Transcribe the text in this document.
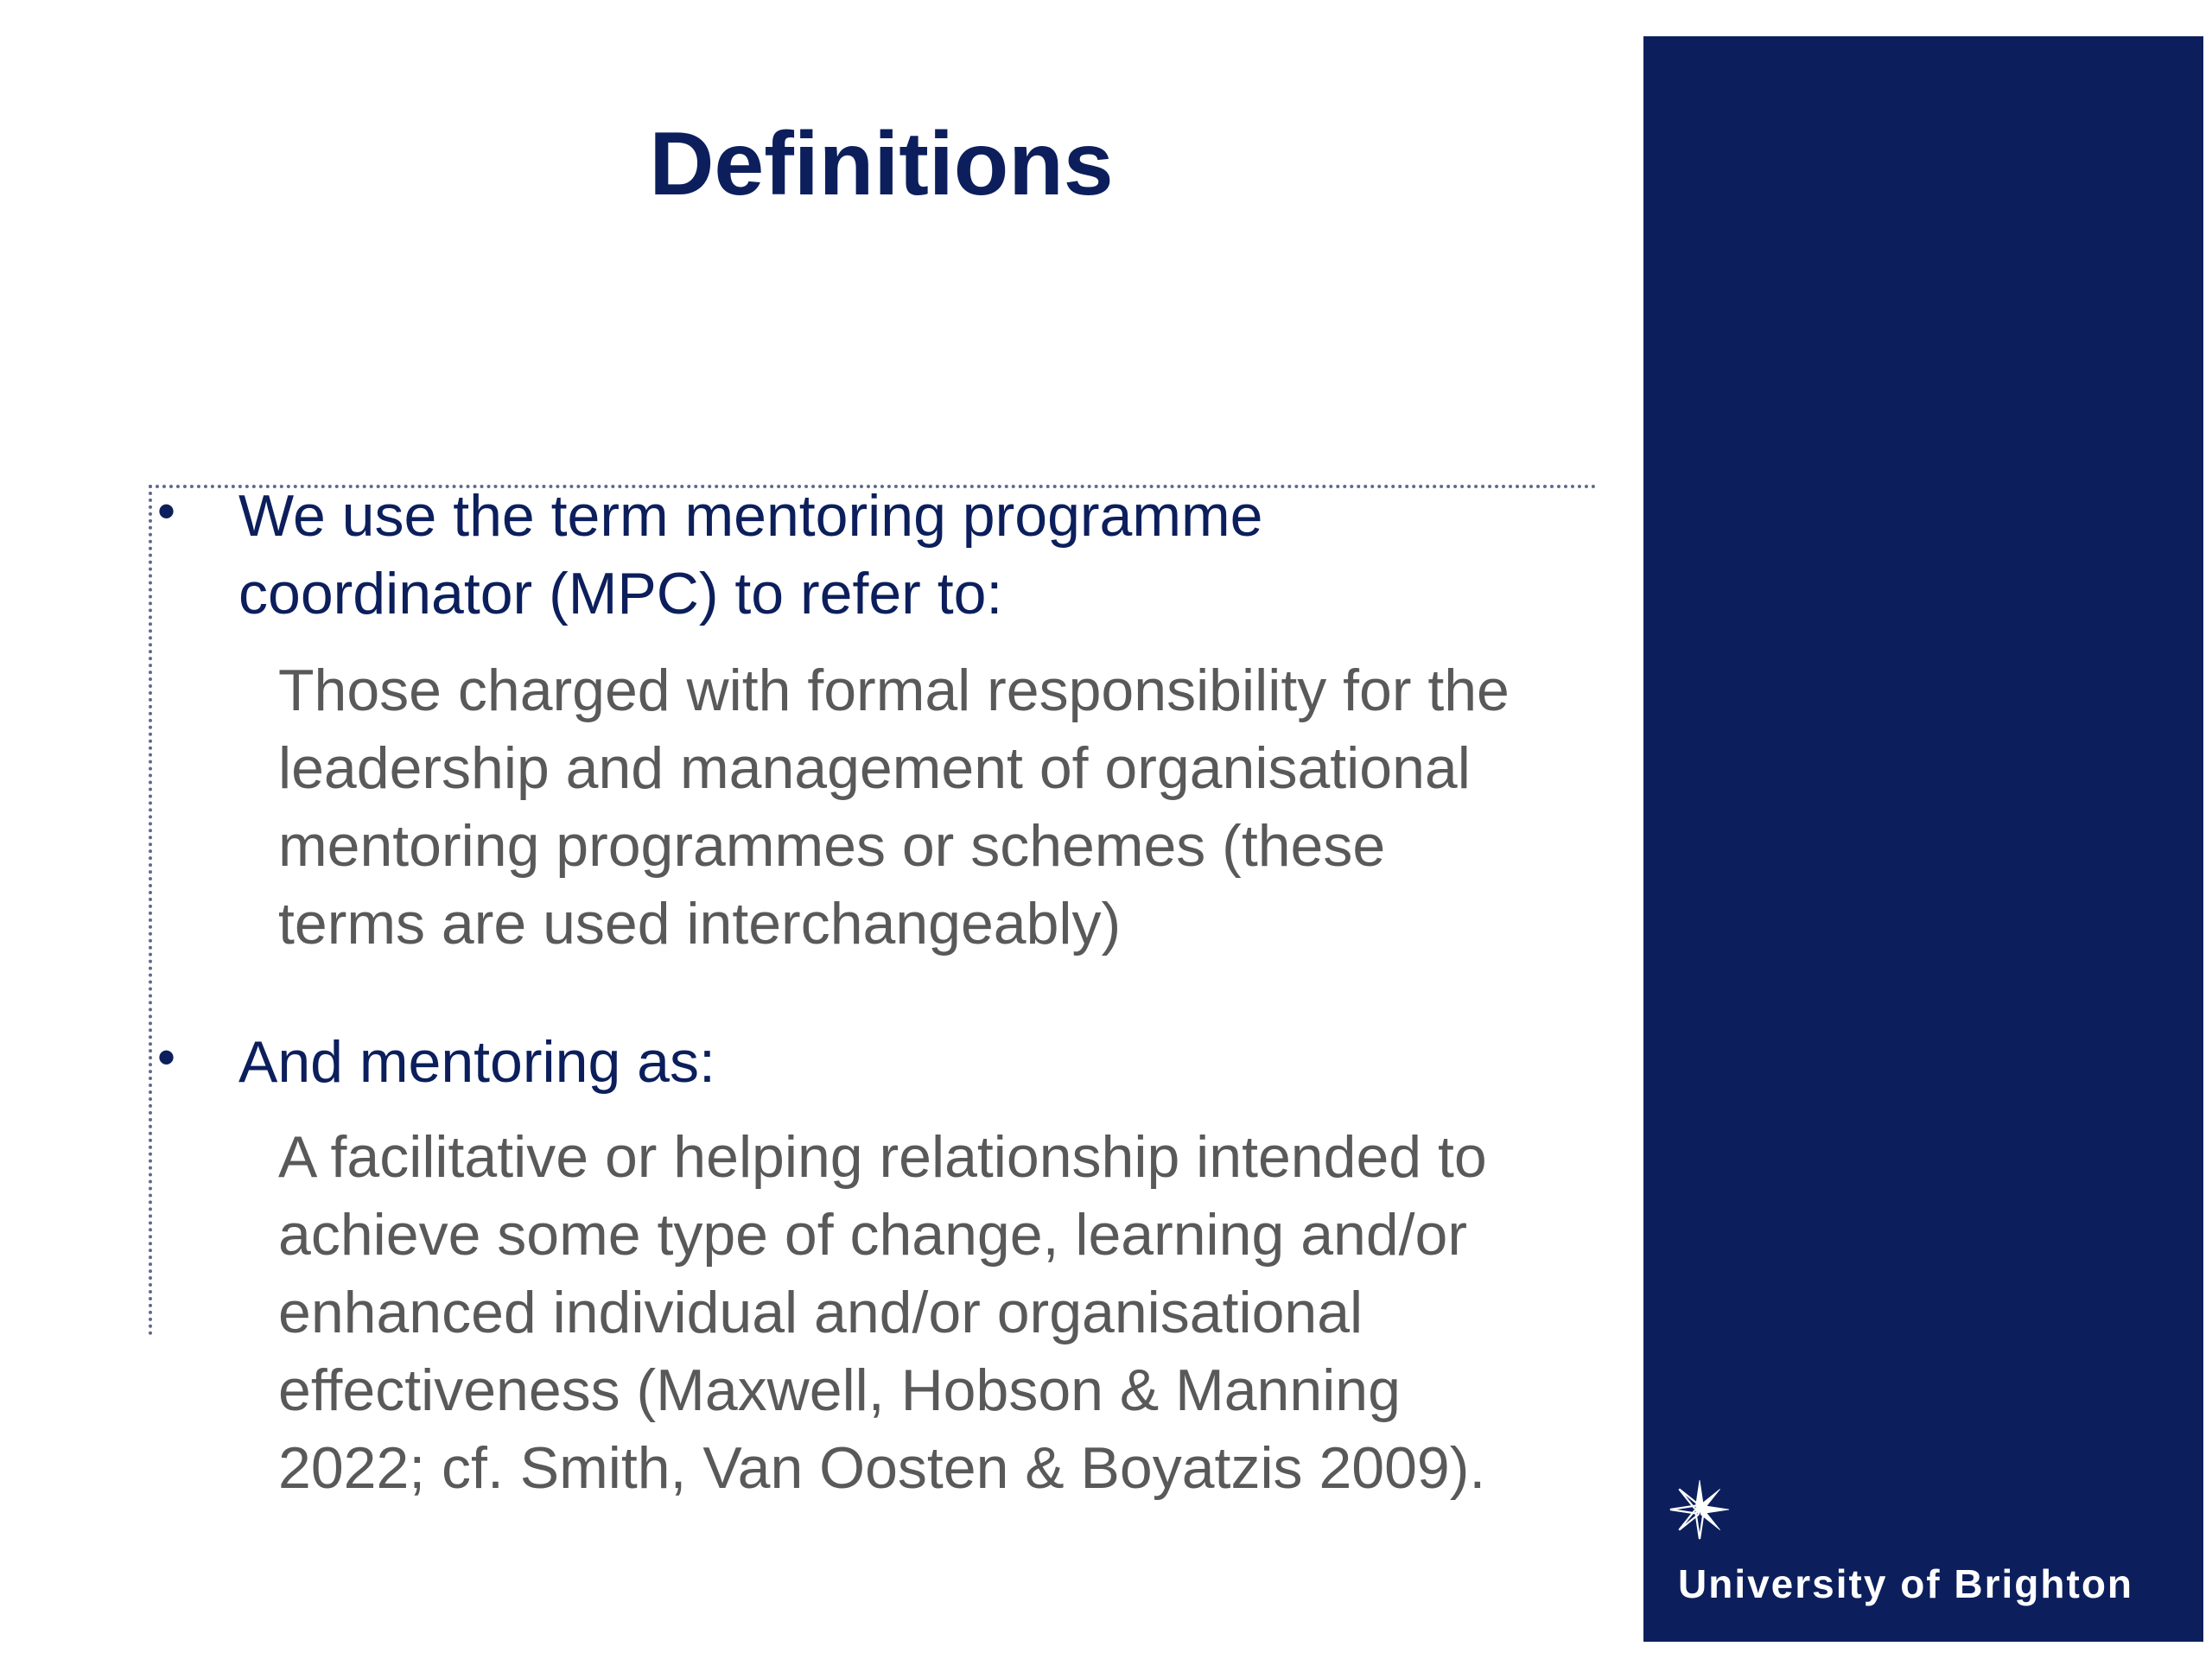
Definitions
• We use the term mentoring programme
coordinator (MPC) to refer to:
Those charged with formal responsibility for the
leadership and management of organisational
mentoring programmes or schemes (these
terms are used interchangeably)
• And mentoring as:
A facilitative or helping relationship intended to
achieve some type of change, learning and/or
enhanced individual and/or organisational
effectiveness (Maxwell, Hobson & Manning
2022; cf. Smith, Van Oosten & Boyatzis 2009).
University of Brighton
